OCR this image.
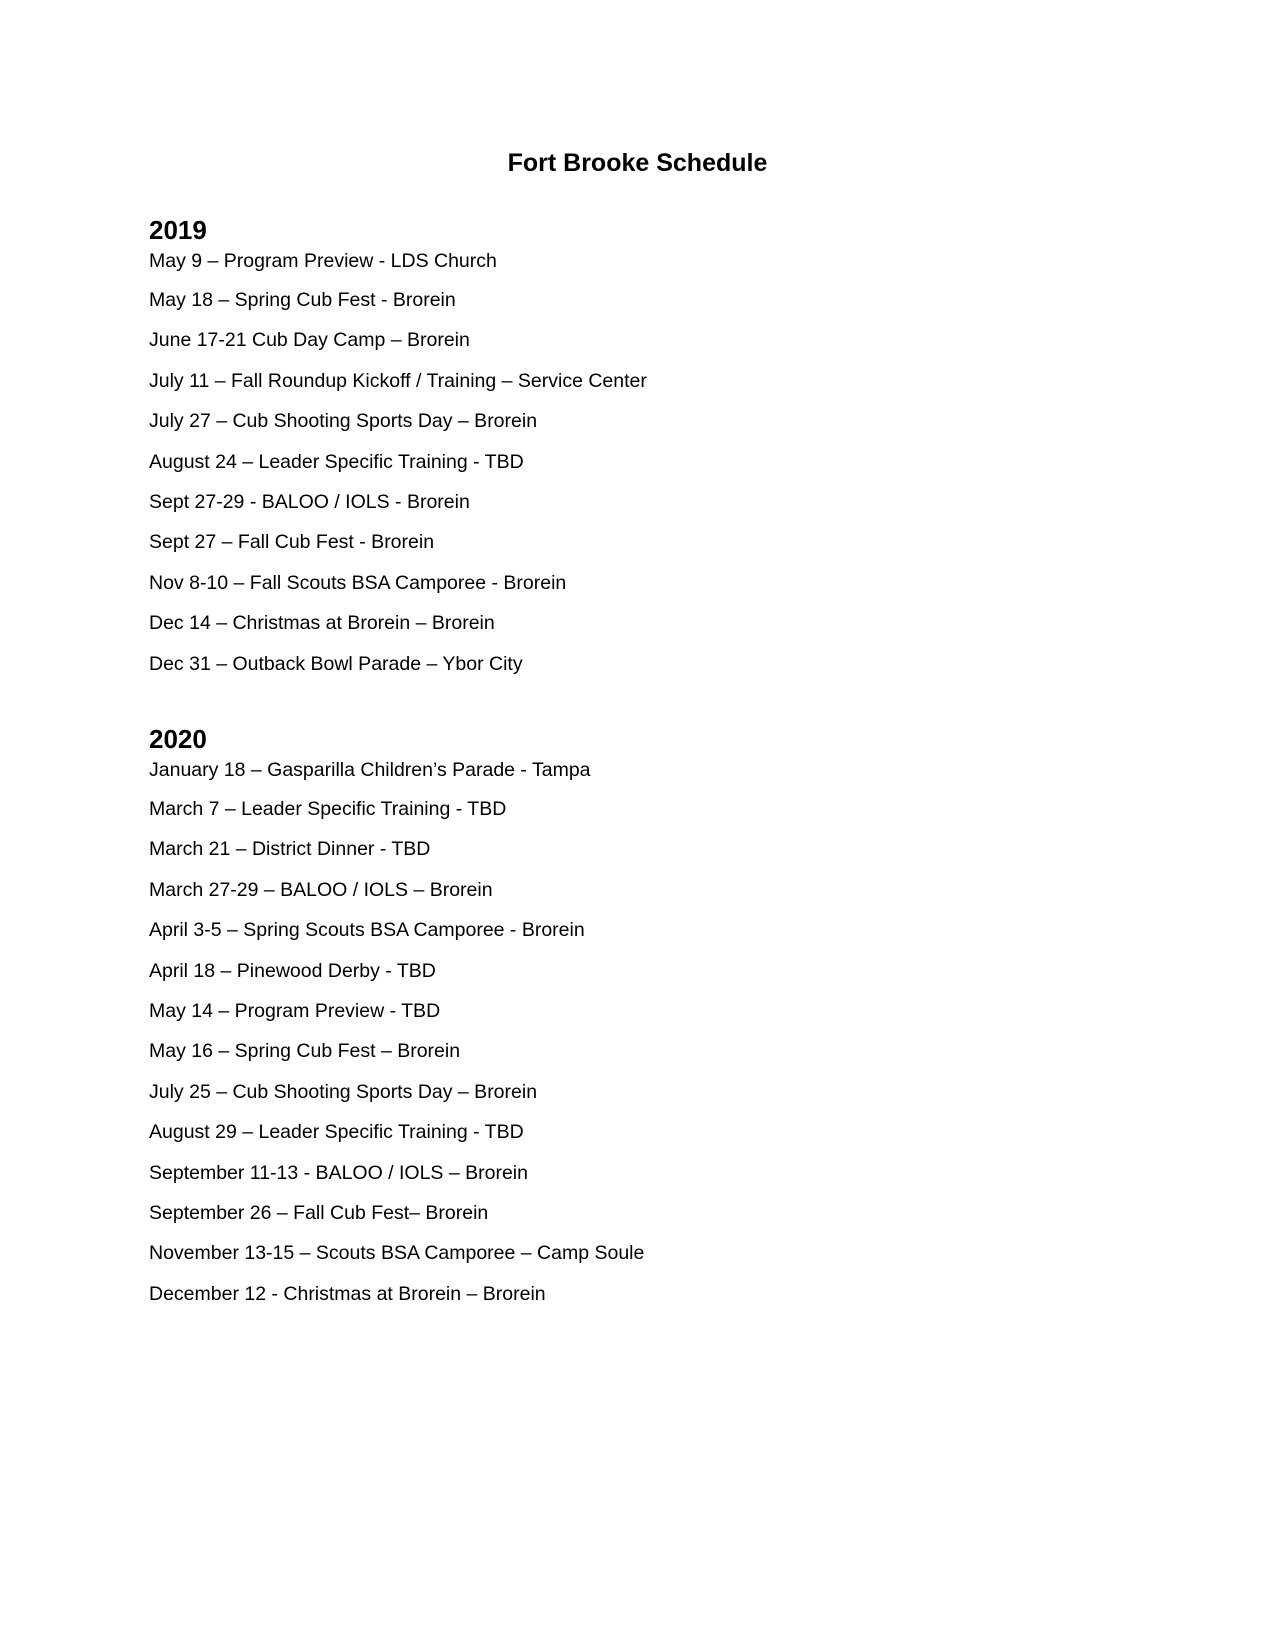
Fort Brooke Schedule
2019
May 9 – Program Preview - LDS Church
May 18 – Spring Cub Fest - Brorein
June 17-21 Cub Day Camp – Brorein
July 11 – Fall Roundup Kickoff / Training – Service Center
July 27 – Cub Shooting Sports Day – Brorein
August 24 – Leader Specific Training - TBD
Sept 27-29 - BALOO / IOLS - Brorein
Sept 27 – Fall Cub Fest - Brorein
Nov 8-10 – Fall Scouts BSA Camporee - Brorein
Dec 14 – Christmas at Brorein – Brorein
Dec 31 – Outback Bowl Parade – Ybor City
2020
January 18 – Gasparilla Children’s Parade - Tampa
March 7 – Leader Specific Training - TBD
March 21 – District Dinner - TBD
March 27-29 – BALOO / IOLS – Brorein
April 3-5 – Spring Scouts BSA Camporee - Brorein
April 18 – Pinewood Derby - TBD
May 14 – Program Preview - TBD
May 16 – Spring Cub Fest – Brorein
July 25 – Cub Shooting Sports Day – Brorein
August 29 – Leader Specific Training - TBD
September 11-13 - BALOO / IOLS – Brorein
September 26 – Fall Cub Fest– Brorein
November 13-15 – Scouts BSA Camporee – Camp Soule
December 12 - Christmas at Brorein – Brorein
